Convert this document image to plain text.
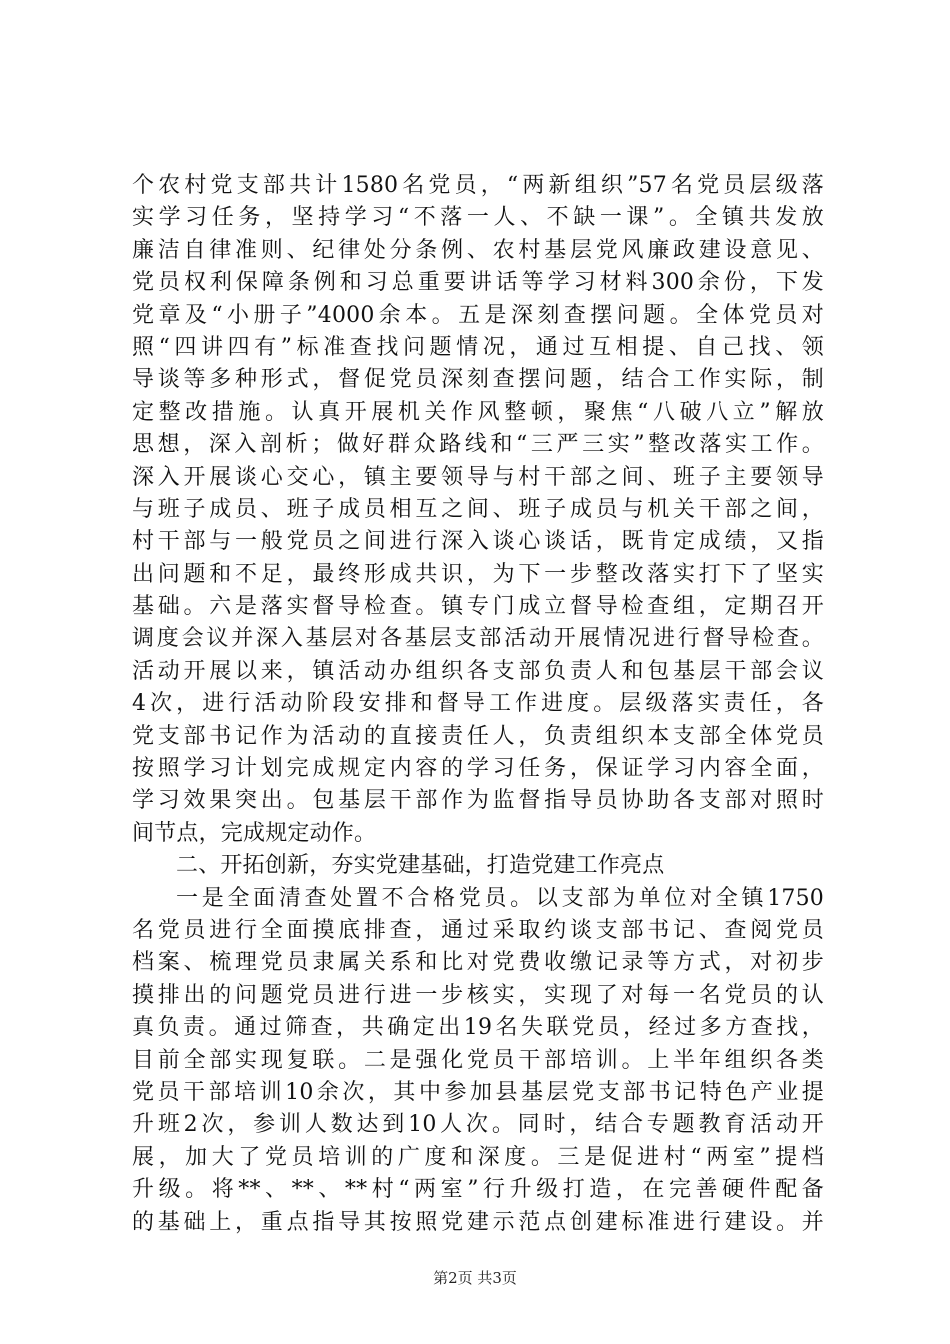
个农村党支部共计1580名党员，“两新组织”57名党员层级落
实学习任务，坚持学习“不落一人、不缺一课”。全镇共发放
廉洁自律准则、纪律处分条例、农村基层党风廉政建设意见、
党员权利保障条例和习总重要讲话等学习材料300余份，下发
党章及“小册子”4000余本。五是深刻查摆问题。全体党员对
照“四讲四有”标准查找问题情况，通过互相提、自己找、领
导谈等多种形式，督促党员深刻查摆问题，结合工作实际，制
定整改措施。认真开展机关作风整顿，聚焦“八破八立”解放
思想，深入剖析；做好群众路线和“三严三实”整改落实工作。
深入开展谈心交心，镇主要领导与村干部之间、班子主要领导
与班子成员、班子成员相互之间、班子成员与机关干部之间，
村干部与一般党员之间进行深入谈心谈话，既肯定成绩，又指
出问题和不足，最终形成共识，为下一步整改落实打下了坚实
基础。六是落实督导检查。镇专门成立督导检查组，定期召开
调度会议并深入基层对各基层支部活动开展情况进行督导检查。
活动开展以来，镇活动办组织各支部负责人和包基层干部会议
4次，进行活动阶段安排和督导工作进度。层级落实责任，各
党支部书记作为活动的直接责任人，负责组织本支部全体党员
按照学习计划完成规定内容的学习任务，保证学习内容全面，
学习效果突出。包基层干部作为监督指导员协助各支部对照时
间节点，完成规定动作。
二、开拓创新，夯实党建基础，打造党建工作亮点
一是全面清查处置不合格党员。以支部为单位对全镇1750
名党员进行全面摸底排查，通过采取约谈支部书记、查阅党员
档案、梳理党员隶属关系和比对党费收缴记录等方式，对初步
摸排出的问题党员进行进一步核实，实现了对每一名党员的认
真负责。通过筛查，共确定出19名失联党员，经过多方查找，
目前全部实现复联。二是强化党员干部培训。上半年组织各类
党员干部培训10余次，其中参加县基层党支部书记特色产业提
升班2次，参训人数达到10人次。同时，结合专题教育活动开
展，加大了党员培训的广度和深度。三是促进村“两室”提档
升级。将**、**、**村“两室”行升级打造，在完善硬件配备
的基础上，重点指导其按照党建示范点创建标准进行建设。并
第2页 共3页
